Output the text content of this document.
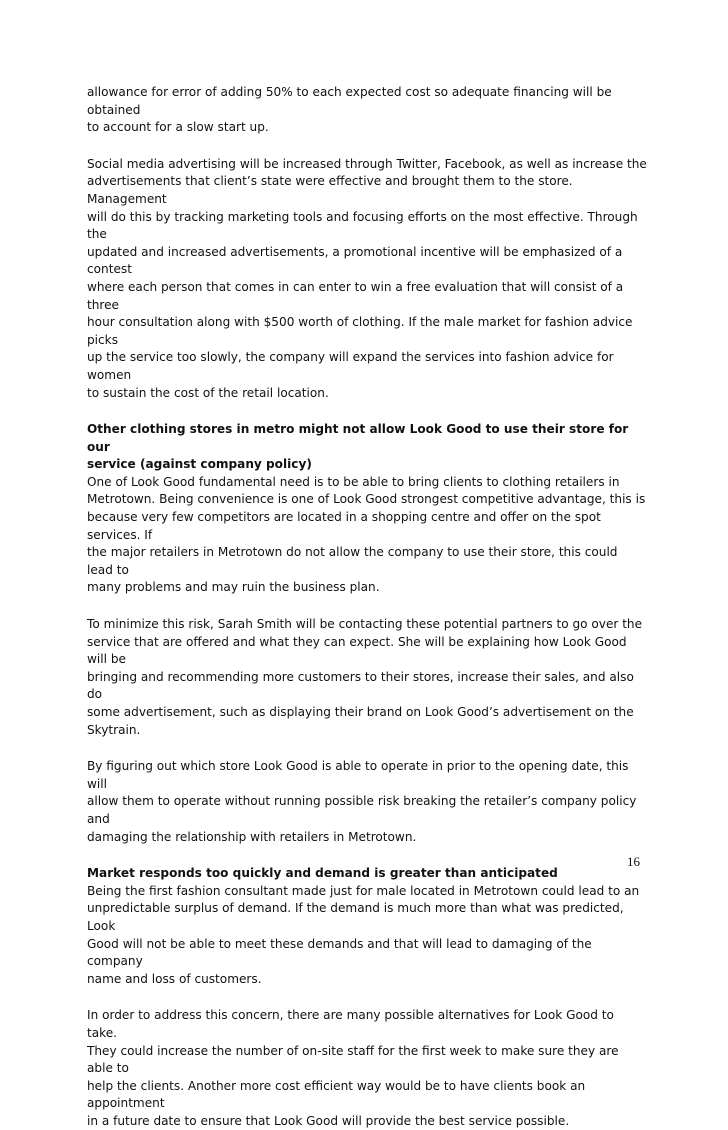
allowance for error of adding 50% to each expected cost so adequate financing will be obtained
to account for a slow start up.

Social media advertising will be increased through Twitter, Facebook, as well as increase the
advertisements that client’s state were effective and brought them to the store. Management
will do this by tracking marketing tools and focusing efforts on the most effective. Through the
updated and increased advertisements, a promotional incentive will be emphasized of a contest
where each person that comes in can enter to win a free evaluation that will consist of a three
hour consultation along with $500 worth of clothing. If the male market for fashion advice picks
up the service too slowly, the company will expand the services into fashion advice for women
to sustain the cost of the retail location.

Other clothing stores in metro might not allow Look Good to use their store for our
service (against company policy)

One of Look Good fundamental need is to be able to bring clients to clothing retailers in
Metrotown. Being convenience is one of Look Good strongest competitive advantage, this is
because very few competitors are located in a shopping centre and offer on the spot services. If
the major retailers in Metrotown do not allow the company to use their store, this could lead to
many problems and may ruin the business plan.

To minimize this risk, Sarah Smith will be contacting these potential partners to go over the
service that are offered and what they can expect. She will be explaining how Look Good will be
bringing and recommending more customers to their stores, increase their sales, and also do
some advertisement, such as displaying their brand on Look Good’s advertisement on the
Skytrain.

By figuring out which store Look Good is able to operate in prior to the opening date, this will
allow them to operate without running possible risk breaking the retailer’s company policy and
damaging the relationship with retailers in Metrotown.

Market responds too quickly and demand is greater than anticipated

Being the first fashion consultant made just for male located in Metrotown could lead to an
unpredictable surplus of demand. If the demand is much more than what was predicted, Look
Good will not be able to meet these demands and that will lead to damaging of the company
name and loss of customers.

In order to address this concern, there are many possible alternatives for Look Good to take.
They could increase the number of on-site staff for the first week to make sure they are able to
help the clients. Another more cost efficient way would be to have clients book an appointment
in a future date to ensure that Look Good will provide the best service possible.

16
